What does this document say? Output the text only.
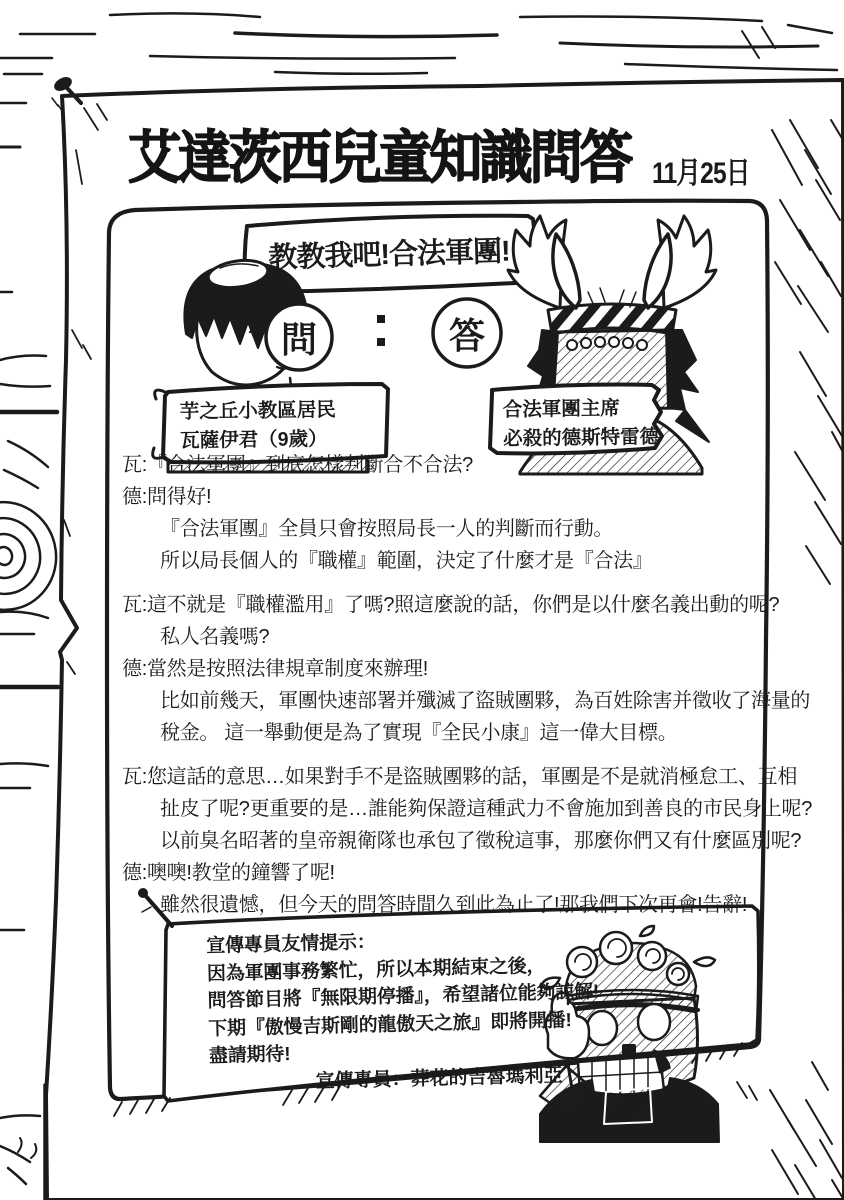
艾達茨西兒童知識問答 11月25日
教教我吧!合法軍團!
問	答
芋之丘小教區居民
瓦薩伊君（9歲）
合法軍團主席
必殺的德斯特雷德
瓦:『合法軍團』到底怎樣判斷合不合法?
德:問得好!
『合法軍團』全員只會按照局長一人的判斷而行動。
所以局長個人的『職權』範圍，決定了什麼才是『合法』
瓦:這不就是『職權濫用』了嗎?照這麼說的話，你們是以什麼名義出動的呢?
私人名義嗎?
德:當然是按照法律規章制度來辦理!
比如前幾天，軍團快速部署并殲滅了盜賊團夥，為百姓除害并徵收了海量的
稅金。 這一舉動便是為了實現『全民小康』這一偉大目標。
瓦:您這話的意思…如果對手不是盜賊團夥的話，軍團是不是就消極怠工、互相
扯皮了呢?更重要的是…誰能夠保證這種武力不會施加到善良的市民身上呢?
以前臭名昭著的皇帝親衛隊也承包了徵稅這事，那麼你們又有什麼區別呢?
德:噢噢!教堂的鐘響了呢!
雖然很遺憾，但今天的問答時間久到此為止了!那我們下次再會!告辭!
宣傳專員友情提示：
因為軍團事務繁忙，所以本期結束之後，
問答節目將『無限期停播』，希望諸位能夠諒解!
下期『傲慢吉斯剛的龍傲天之旅』即將開播!
盡請期待!
宣傳專員：葬花的吉魯瑪利亞
